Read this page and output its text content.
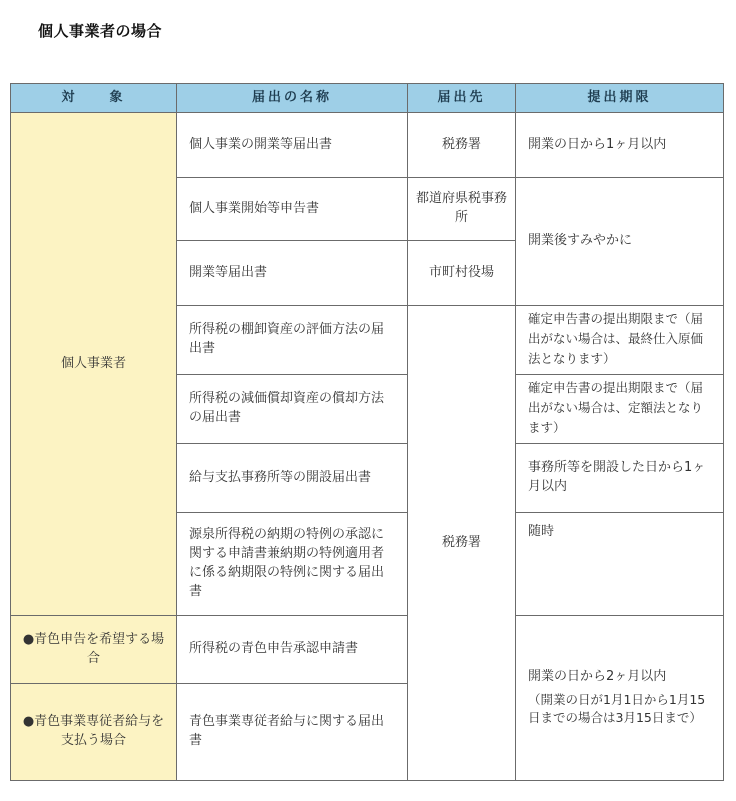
個人事業者の場合
対　　象	届出の名称	届出先	提出期限
個人事業者	個人事業の開業等届出書	税務署	開業の日から1ヶ月以内
	個人事業開始等申告書	都道府県税事務所	開業後すみやかに
	開業等届出書	市町村役場	
	所得税の棚卸資産の評価方法の届出書	税務署	確定申告書の提出期限まで（届出がない場合は、最終仕入原価法となります）
	所得税の減価償却資産の償却方法の届出書		確定申告書の提出期限まで（届出がない場合は、定額法となります）
	給与支払事務所等の開設届出書		事務所等を開設した日から1ヶ月以内
	源泉所得税の納期の特例の承認に関する申請書兼納期の特例適用者に係る納期限の特例に関する届出書		随時
●青色申告を希望する場合	所得税の青色申告承認申請書		開業の日から2ヶ月以内
（開業の日が1月1日から1月15日までの場合は3月15日まで）

●青色事業専従者給与を支払う場合	青色事業専従者給与に関する届出書		
